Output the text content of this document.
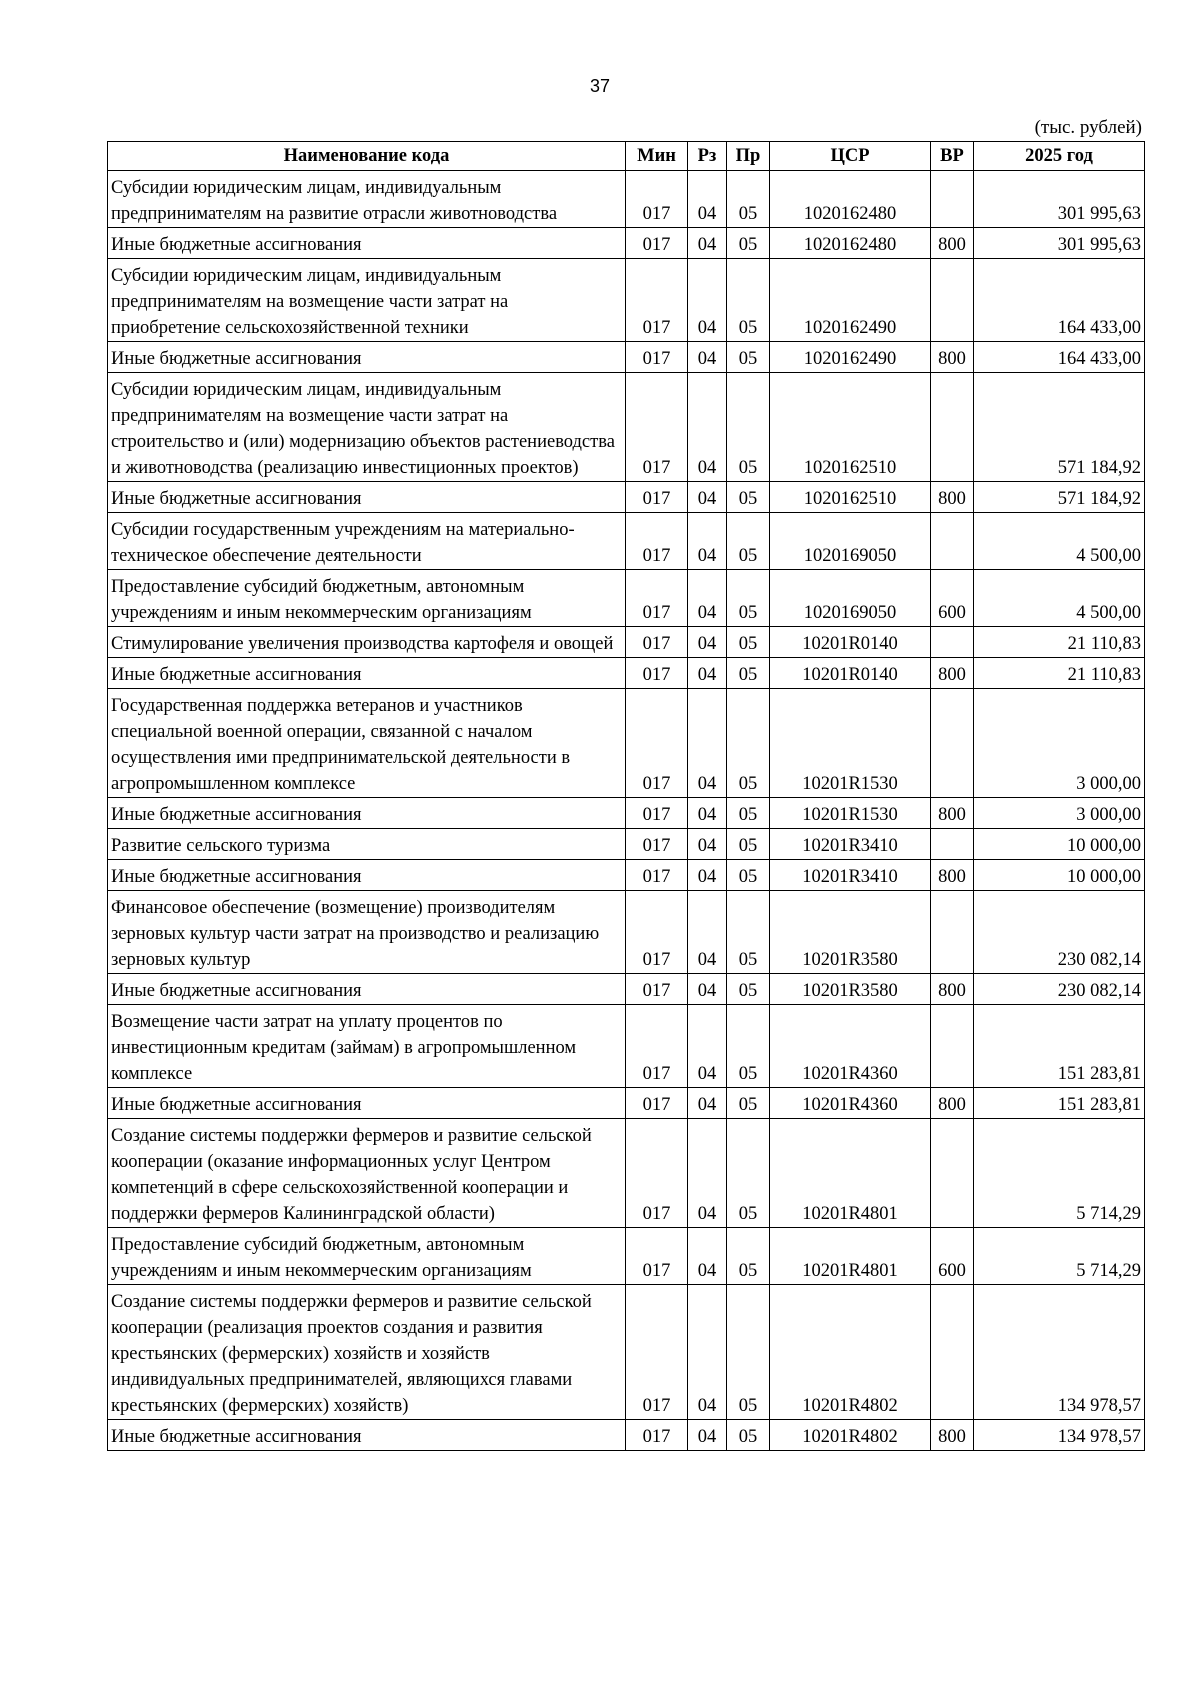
37
(тыс. рублей)
Наименование кода	Мин	Рз	Пр	ЦСР	ВР	2025 год
Субсидии юридическим лицам, индивидуальным предпринимателям на развитие отрасли животноводства	017	04	05	1020162480		301 995,63
Иные бюджетные ассигнования	017	04	05	1020162480	800	301 995,63
Субсидии юридическим лицам, индивидуальным предпринимателям на возмещение части затрат на приобретение сельскохозяйственной техники	017	04	05	1020162490		164 433,00
Иные бюджетные ассигнования	017	04	05	1020162490	800	164 433,00
Субсидии юридическим лицам, индивидуальным предпринимателям на возмещение части затрат на строительство и (или) модернизацию объектов растениеводства и животноводства (реализацию инвестиционных проектов)	017	04	05	1020162510		571 184,92
Иные бюджетные ассигнования	017	04	05	1020162510	800	571 184,92
Субсидии государственным учреждениям на материально-техническое обеспечение деятельности	017	04	05	1020169050		4 500,00
Предоставление субсидий бюджетным, автономным учреждениям и иным некоммерческим организациям	017	04	05	1020169050	600	4 500,00
Стимулирование увеличения производства картофеля и овощей	017	04	05	10201R0140		21 110,83
Иные бюджетные ассигнования	017	04	05	10201R0140	800	21 110,83
Государственная поддержка ветеранов и участников специальной военной операции, связанной с началом осуществления ими предпринимательской деятельности в агропромышленном комплексе	017	04	05	10201R1530		3 000,00
Иные бюджетные ассигнования	017	04	05	10201R1530	800	3 000,00
Развитие сельского туризма	017	04	05	10201R3410		10 000,00
Иные бюджетные ассигнования	017	04	05	10201R3410	800	10 000,00
Финансовое обеспечение (возмещение) производителям зерновых культур части затрат на производство и реализацию зерновых культур	017	04	05	10201R3580		230 082,14
Иные бюджетные ассигнования	017	04	05	10201R3580	800	230 082,14
Возмещение части затрат на уплату процентов по инвестиционным кредитам (займам) в агропромышленном комплексе	017	04	05	10201R4360		151 283,81
Иные бюджетные ассигнования	017	04	05	10201R4360	800	151 283,81
Создание системы поддержки фермеров и развитие сельской кооперации (оказание информационных услуг Центром компетенций в сфере сельскохозяйственной кооперации и поддержки фермеров Калининградской области)	017	04	05	10201R4801		5 714,29
Предоставление субсидий бюджетным, автономным учреждениям и иным некоммерческим организациям	017	04	05	10201R4801	600	5 714,29
Создание системы поддержки фермеров и развитие сельской кооперации (реализация проектов создания и развития крестьянских (фермерских) хозяйств и хозяйств индивидуальных предпринимателей, являющихся главами крестьянских (фермерских) хозяйств)	017	04	05	10201R4802		134 978,57
Иные бюджетные ассигнования	017	04	05	10201R4802	800	134 978,57
